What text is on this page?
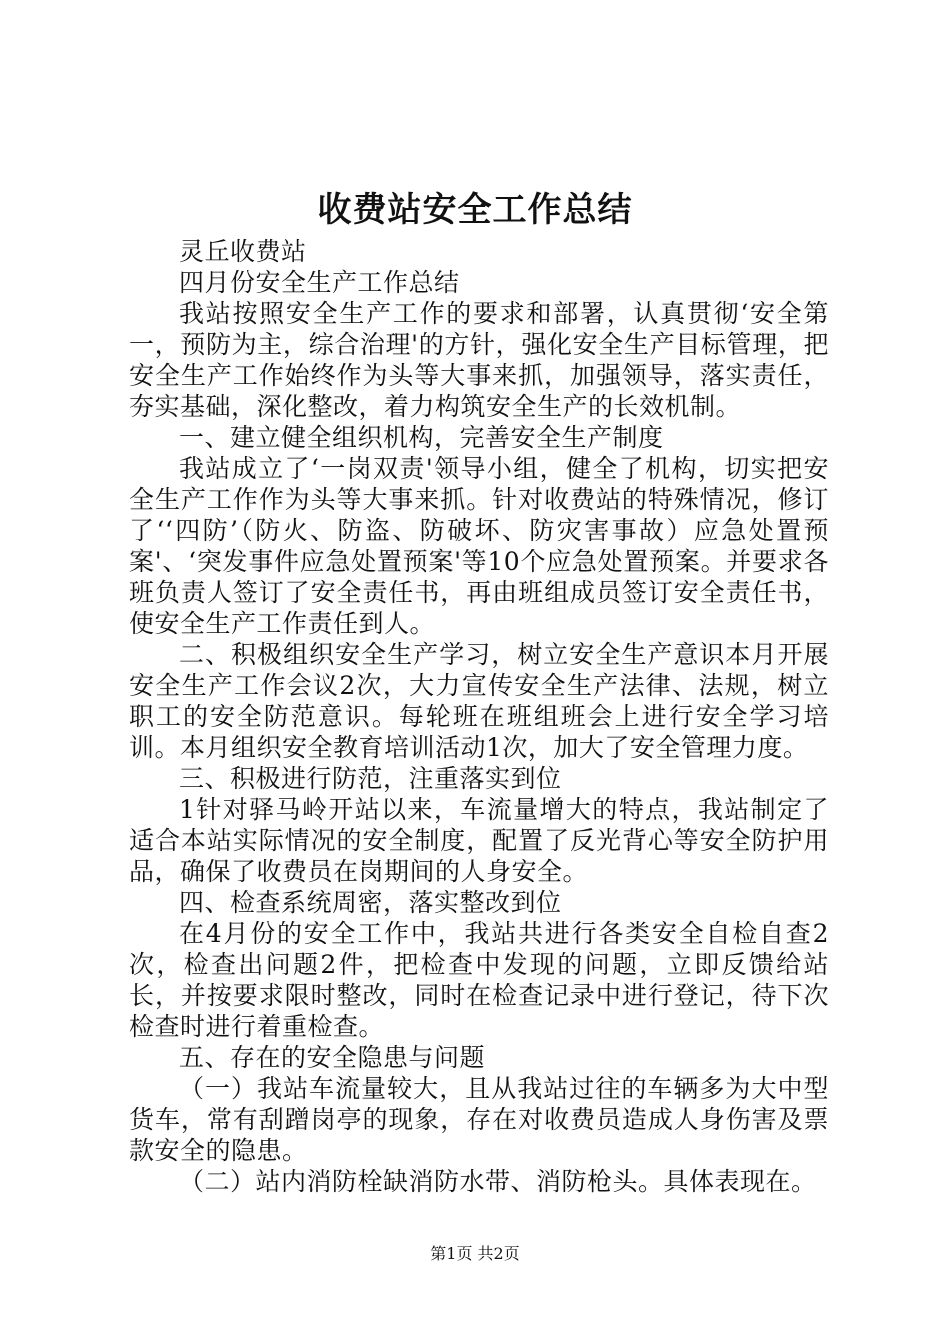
收费站安全工作总结

灵丘收费站

四月份安全生产工作总结

我站按照安全生产工作的要求和部署，认真贯彻‘安全第一，预防为主，综合治理'的方针，强化安全生产目标管理，把安全生产工作始终作为头等大事来抓，加强领导，落实责任，夯实基础，深化整改，着力构筑安全生产的长效机制。

一、建立健全组织机构，完善安全生产制度

我站成立了‘一岗双责'领导小组，健全了机构，切实把安全生产工作作为头等大事来抓。针对收费站的特殊情况，修订了‘‘四防’（防火、防盗、防破坏、防灾害事故）应急处置预案'、‘突发事件应急处置预案'等10个应急处置预案。并要求各班负责人签订了安全责任书，再由班组成员签订安全责任书，使安全生产工作责任到人。

二、积极组织安全生产学习，树立安全生产意识本月开展安全生产工作会议2次，大力宣传安全生产法律、法规，树立职工的安全防范意识。每轮班在班组班会上进行安全学习培训。本月组织安全教育培训活动1次，加大了安全管理力度。

三、积极进行防范，注重落实到位

1针对驿马岭开站以来，车流量增大的特点，我站制定了适合本站实际情况的安全制度，配置了反光背心等安全防护用品，确保了收费员在岗期间的人身安全。

四、检查系统周密，落实整改到位

在4月份的安全工作中，我站共进行各类安全自检自查2次，检查出问题2件，把检查中发现的问题，立即反馈给站长，并按要求限时整改，同时在检查记录中进行登记，待下次检查时进行着重检查。

五、存在的安全隐患与问题

（一）我站车流量较大，且从我站过往的车辆多为大中型货车，常有刮蹭岗亭的现象，存在对收费员造成人身伤害及票款安全的隐患。

（二）站内消防栓缺消防水带、消防枪头。具体表现在。

第1页 共2页
